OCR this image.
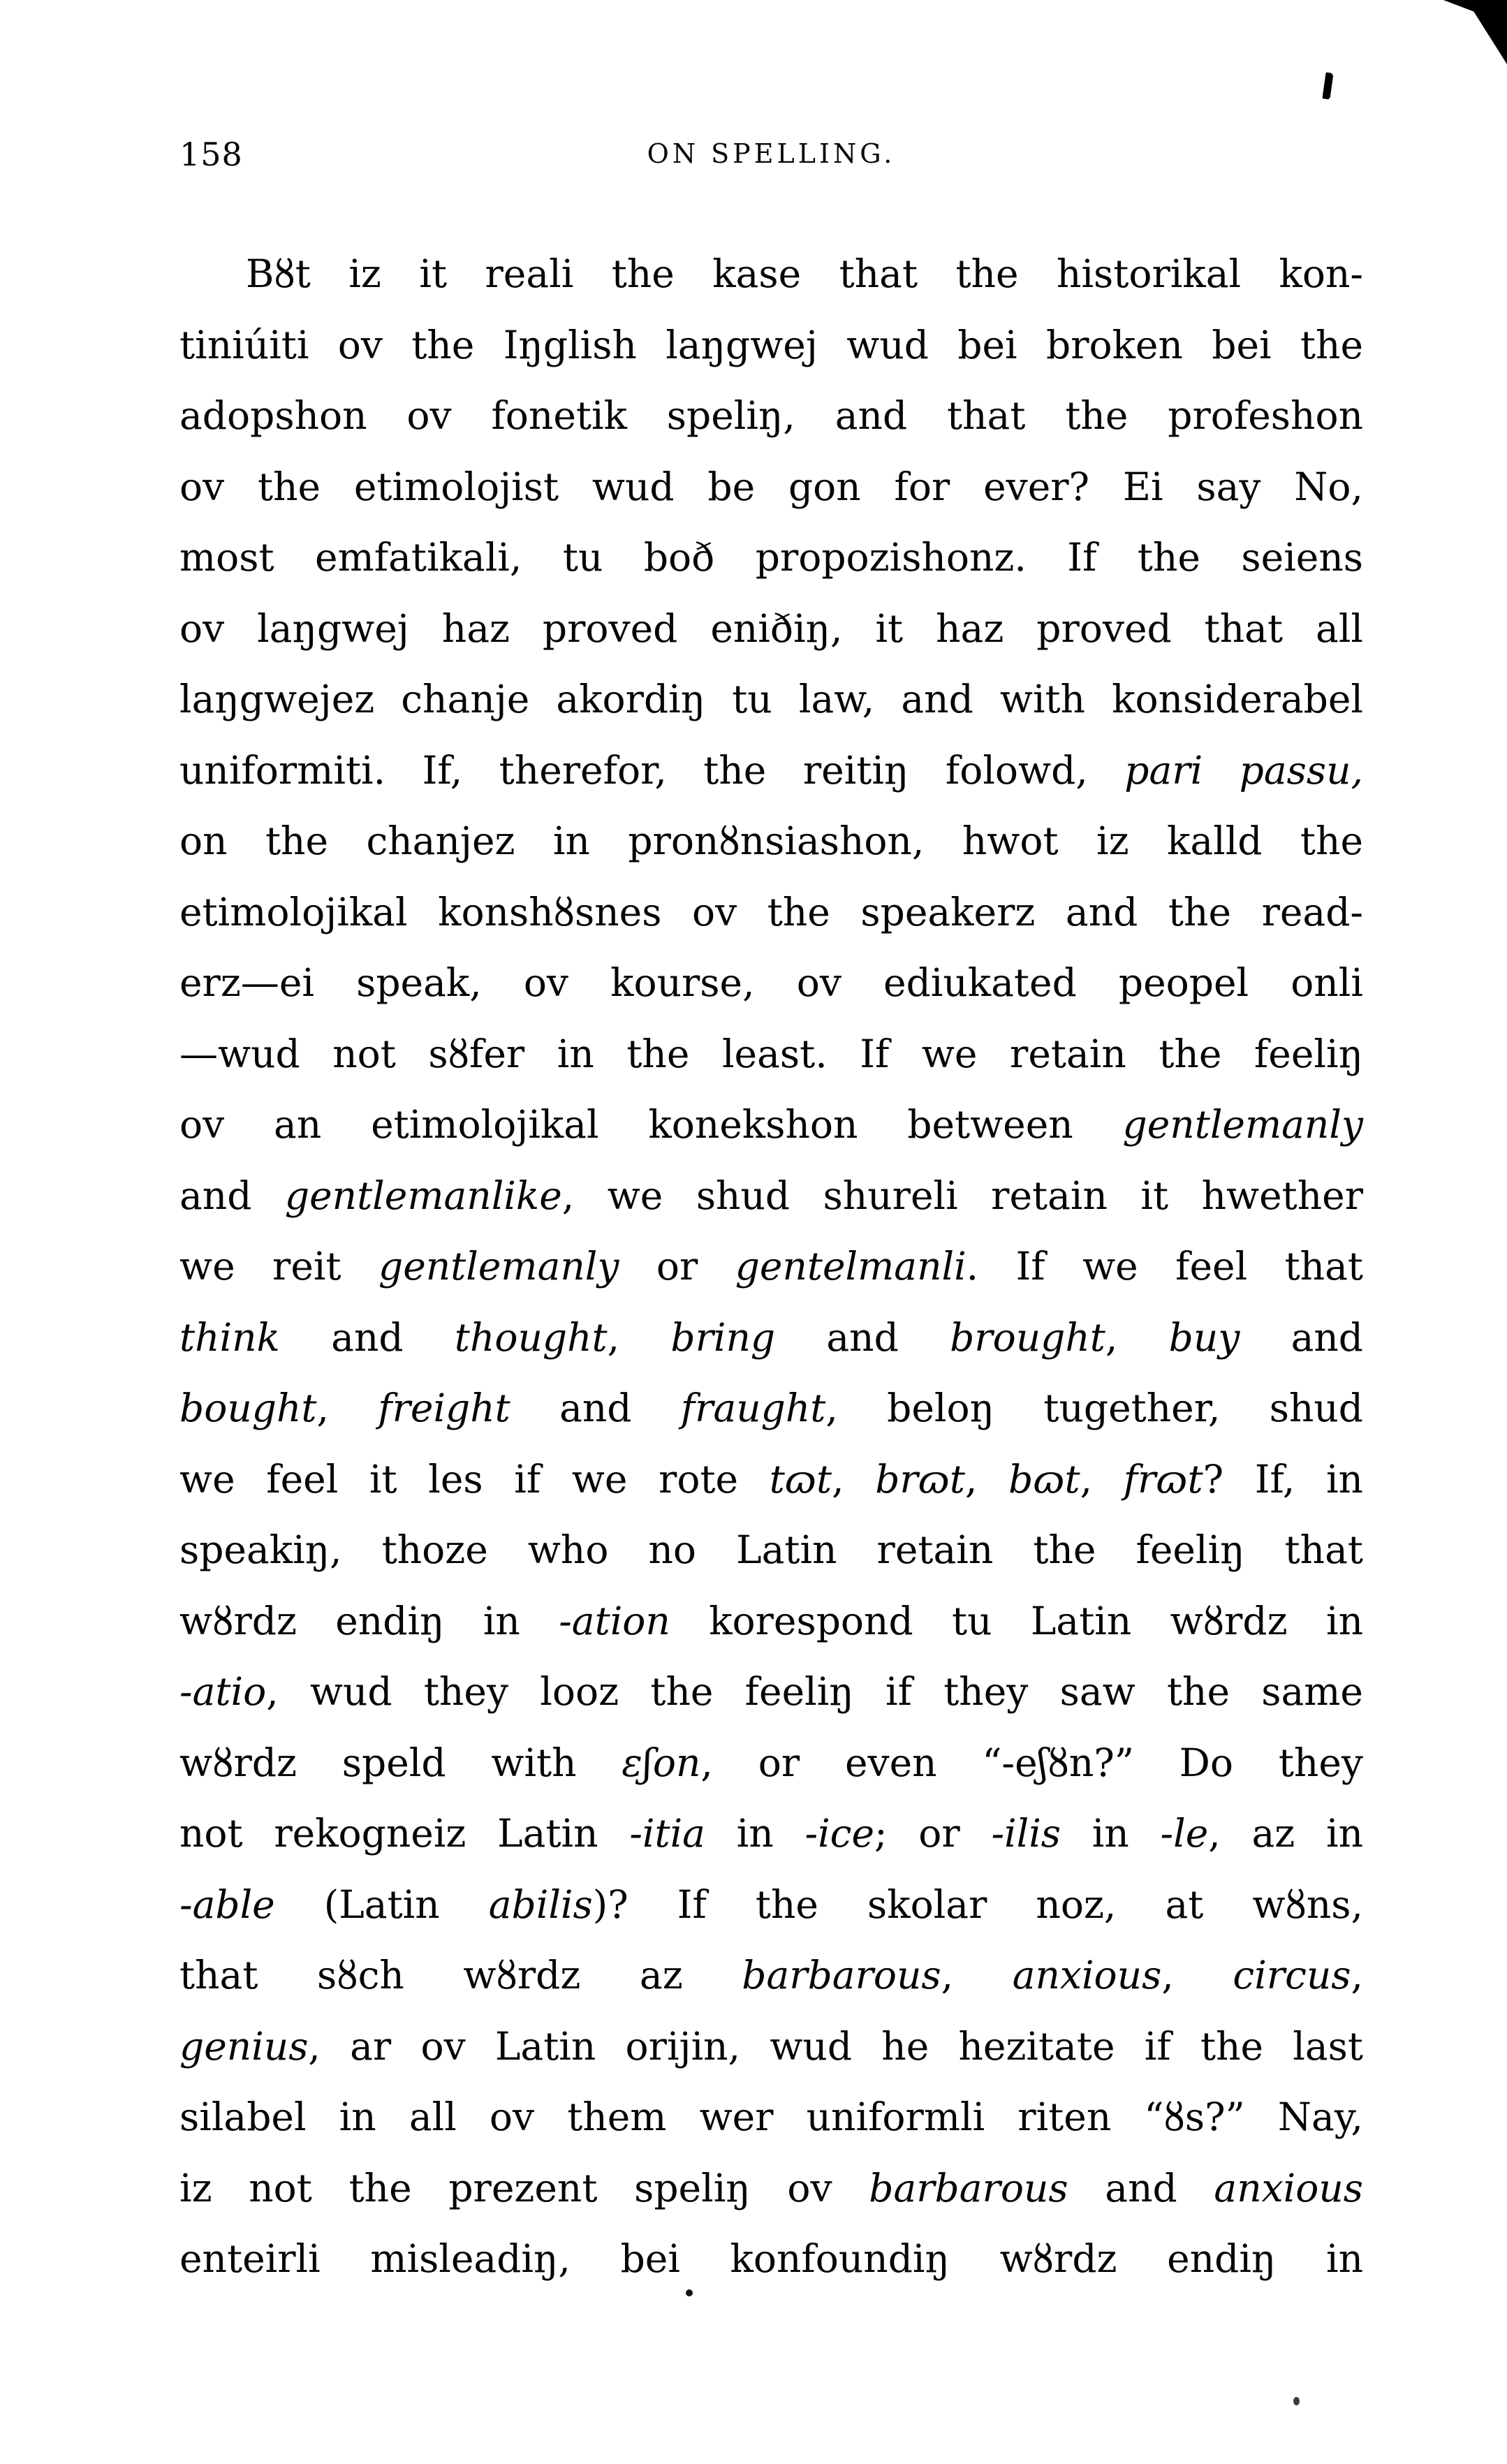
158	ON SPELLING.
Bȣt iz it reali the kase that the historikal kon-
tiniúiti ov the Iŋglish laŋgwej wud bei broken bei the
adopshon ov fonetik speliŋ, and that the profeshon
ov the etimolojist wud be gon for ever? Ei say No,
most emfatikali, tu boð propozishonz. If the seiens
ov laŋgwej haz proved eniðiŋ, it haz proved that all
laŋgwejez chanje akordiŋ tu law, and with konsiderabel
uniformiti. If, therefor, the reitiŋ folowd, pari passu,
on the chanjez in pronȣnsiashon, hwot iz kalld the
etimolojikal konshȣsnes ov the speakerz and the read-
erz—ei speak, ov kourse, ov ediukated peopel onli
—wud not sȣfer in the least. If we retain the feeliŋ
ov an etimolojikal konekshon between gentlemanly
and gentlemanlike, we shud shureli retain it hwether
we reit gentlemanly or gentelmanli. If we feel that
think and thought, bring and brought, buy and
bought, freight and fraught, beloŋ tugether, shud
we feel it les if we rote tɷt, brɷt, bɷt, frɷt? If, in
speakiŋ, thoze who no Latin retain the feeliŋ that
wȣrdz endiŋ in -ation korespond tu Latin wȣrdz in
-atio, wud they looz the feeliŋ if they saw the same
wȣrdz speld with ɛʃon, or even “-eʃȣn?” Do they
not rekogneiz Latin -itia in -ice; or -ilis in -le, az in
-able (Latin abilis)? If the skolar noz, at wȣns,
that sȣch wȣrdz az barbarous, anxious, circus,
genius, ar ov Latin orijin, wud he hezitate if the last
silabel in all ov them wer uniformli riten “ȣs?” Nay,
iz not the prezent speliŋ ov barbarous and anxious
enteirli misleadiŋ, bei konfoundiŋ wȣrdz endiŋ in
